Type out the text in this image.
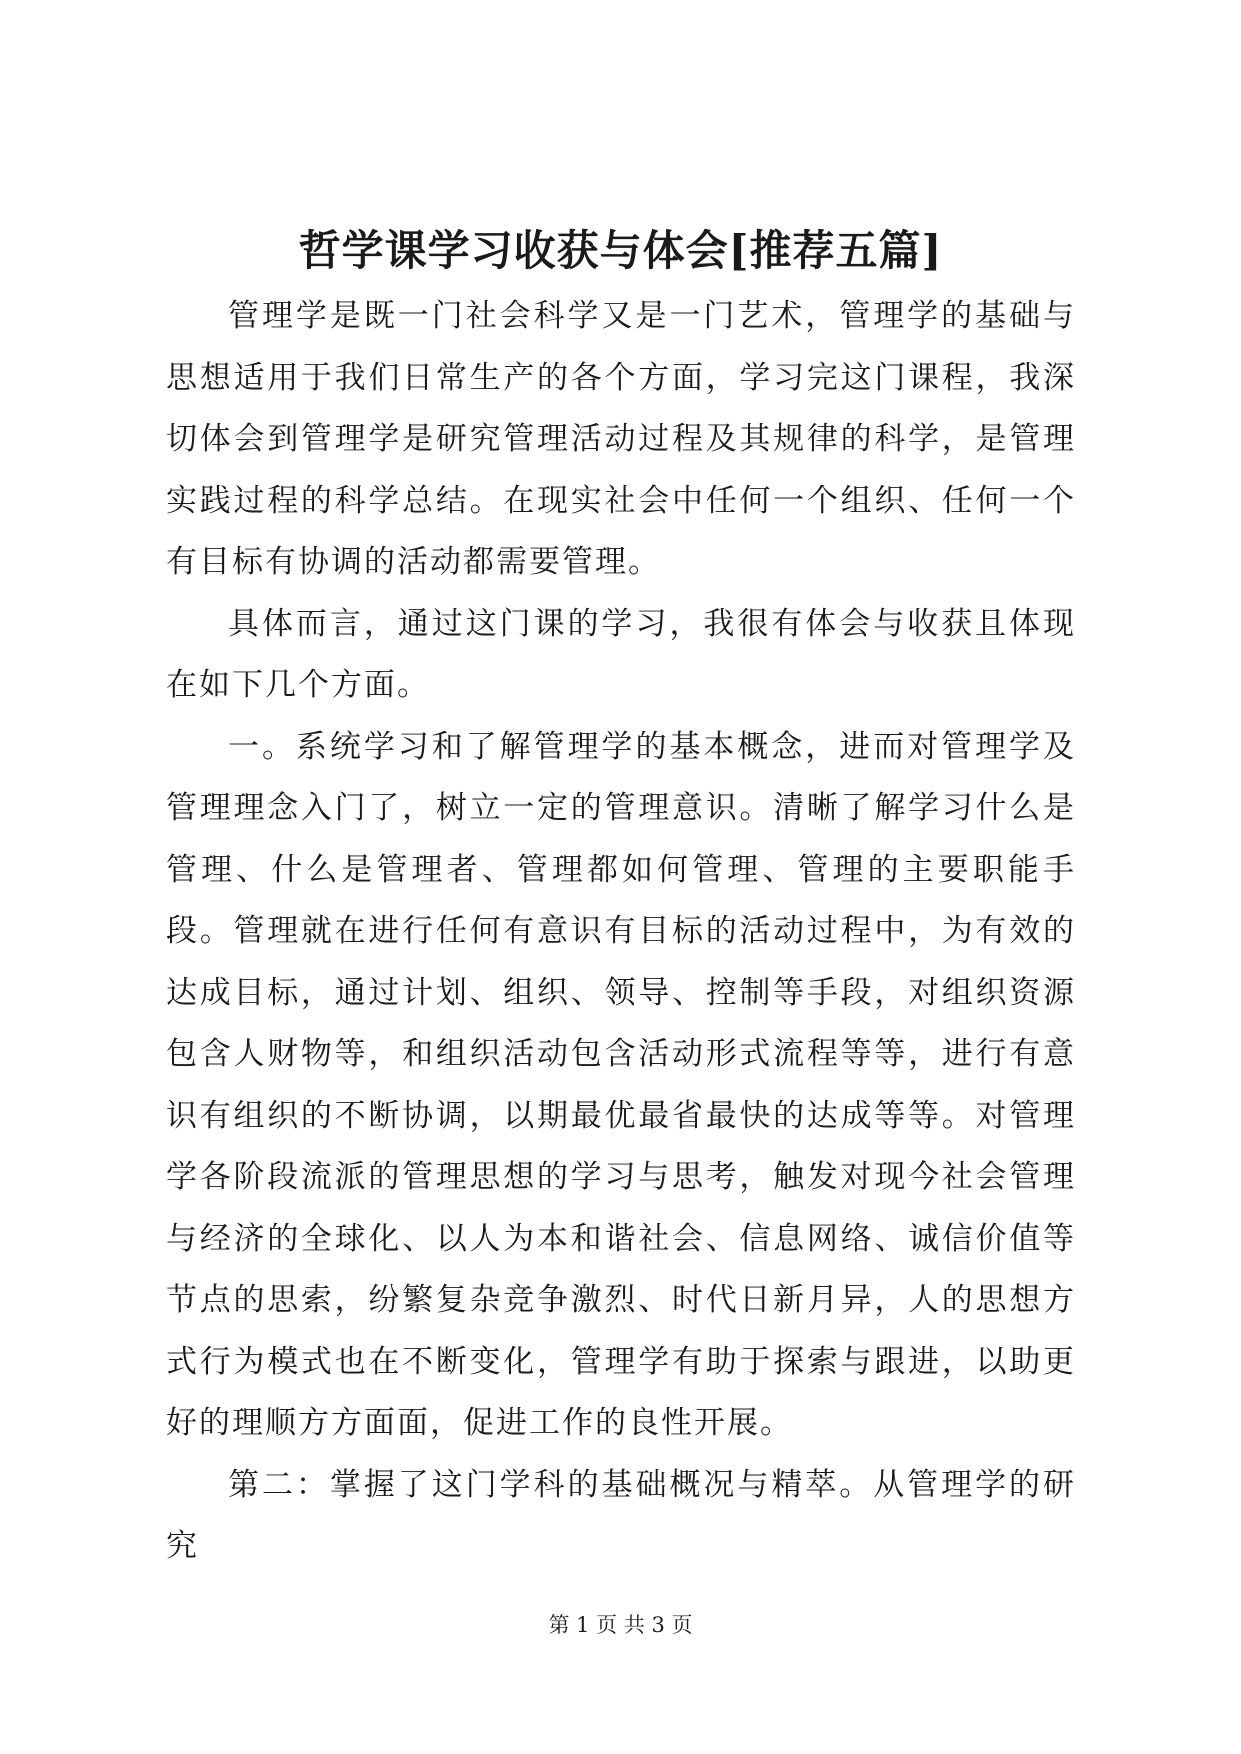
哲学课学习收获与体会[推荐五篇]

管理学是既一门社会科学又是一门艺术，管理学的基础与思想适用于我们日常生产的各个方面，学习完这门课程，我深切体会到管理学是研究管理活动过程及其规律的科学，是管理实践过程的科学总结。在现实社会中任何一个组织、任何一个有目标有协调的活动都需要管理。

具体而言，通过这门课的学习，我很有体会与收获且体现在如下几个方面。

一。系统学习和了解管理学的基本概念，进而对管理学及管理理念入门了，树立一定的管理意识。清晰了解学习什么是管理、什么是管理者、管理都如何管理、管理的主要职能手段。管理就在进行任何有意识有目标的活动过程中，为有效的达成目标，通过计划、组织、领导、控制等手段，对组织资源包含人财物等，和组织活动包含活动形式流程等等，进行有意识有组织的不断协调，以期最优最省最快的达成等等。对管理学各阶段流派的管理思想的学习与思考，触发对现今社会管理与经济的全球化、以人为本和谐社会、信息网络、诚信价值等节点的思索，纷繁复杂竞争激烈、时代日新月异，人的思想方式行为模式也在不断变化，管理学有助于探索与跟进，以助更好的理顺方方面面，促进工作的良性开展。

第二：掌握了这门学科的基础概况与精萃。从管理学的研究

第 1 页 共 3 页
